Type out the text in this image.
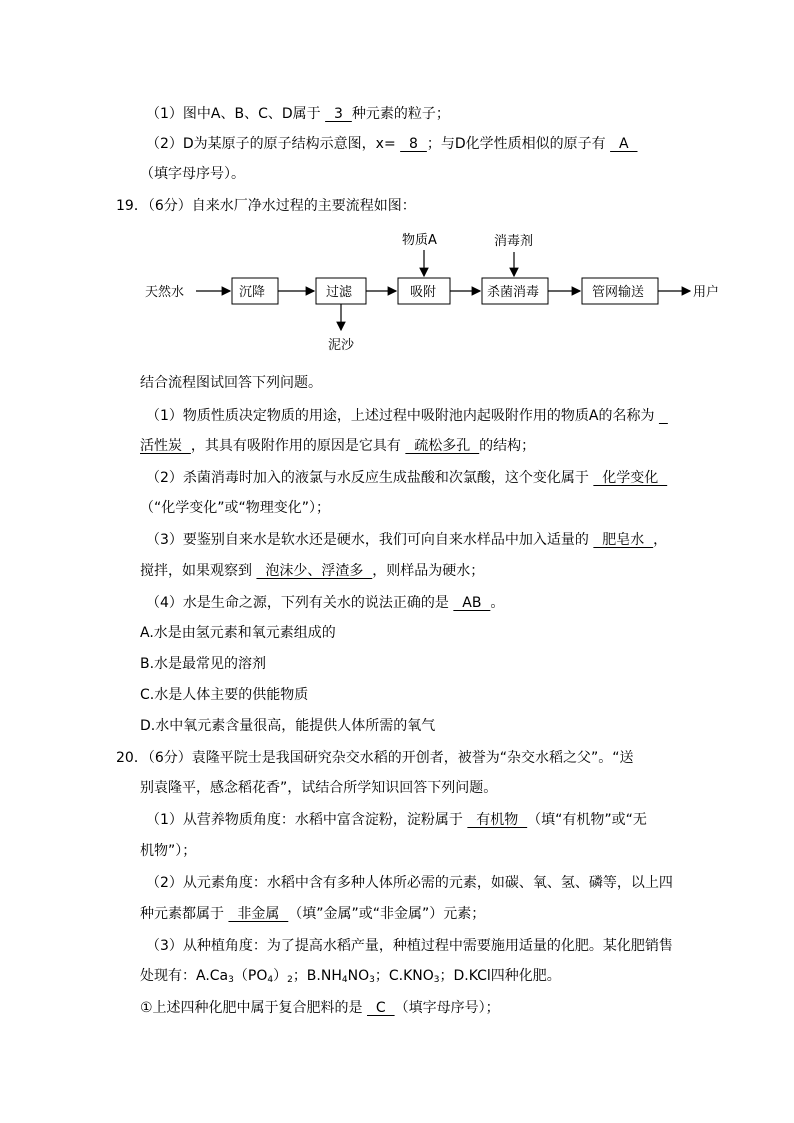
（1）图中A、B、C、D属于   3  种元素的粒子；
（2）D为某原子的原子结构示意图，x=   8  ；与D化学性质相似的原子有   A
（填字母序号）。
19．（6分）自来水厂净水过程的主要流程如图：
天然水	沉降	过滤
泥沙
吸附
物质A
杀菌消毒
消毒剂
管网输送	用户
结合流程图试回答下列问题。
（1）物质性质决定物质的用途，上述过程中吸附池内起吸附作用的物质A的名称为
活性炭  ，其具有吸附作用的原因是它具有   疏松多孔  的结构；
（2）杀菌消毒时加入的液氯与水反应生成盐酸和次氯酸，这个变化属于   化学变化
（“化学变化”或“物理变化”）；
（3）要鉴别自来水是软水还是硬水，我们可向自来水样品中加入适量的   肥皂水  ，
搅拌，如果观察到   泡沫少、浮渣多  ，则样品为硬水；
（4）水是生命之源，下列有关水的说法正确的是   AB  。
A.水是由氢元素和氧元素组成的
B.水是最常见的溶剂
C.水是人体主要的供能物质
D.水中氧元素含量很高，能提供人体所需的氧气
20．（6分）袁隆平院士是我国研究杂交水稻的开创者，被誉为“杂交水稻之父”。“送
别袁隆平，感念稻花香”，试结合所学知识回答下列问题。
（1）从营养物质角度：水稻中富含淀粉，淀粉属于   有机物  （填“有机物”或“无
机物”）；
（2）从元素角度：水稻中含有多种人体所必需的元素，如碳、氧、氢、磷等，以上四
种元素都属于   非金属  （填”金属”或“非金属”）元素；
（3）从种植角度：为了提高水稻产量，种植过程中需要施用适量的化肥。某化肥销售
处现有：$A.Ca_3(PO_4)_2$；$B.NH_4NO_3$；$C.KNO_3$；D.KCl四种化肥。
①上述四种化肥中属于复合肥料的是   C  （填字母序号）；
